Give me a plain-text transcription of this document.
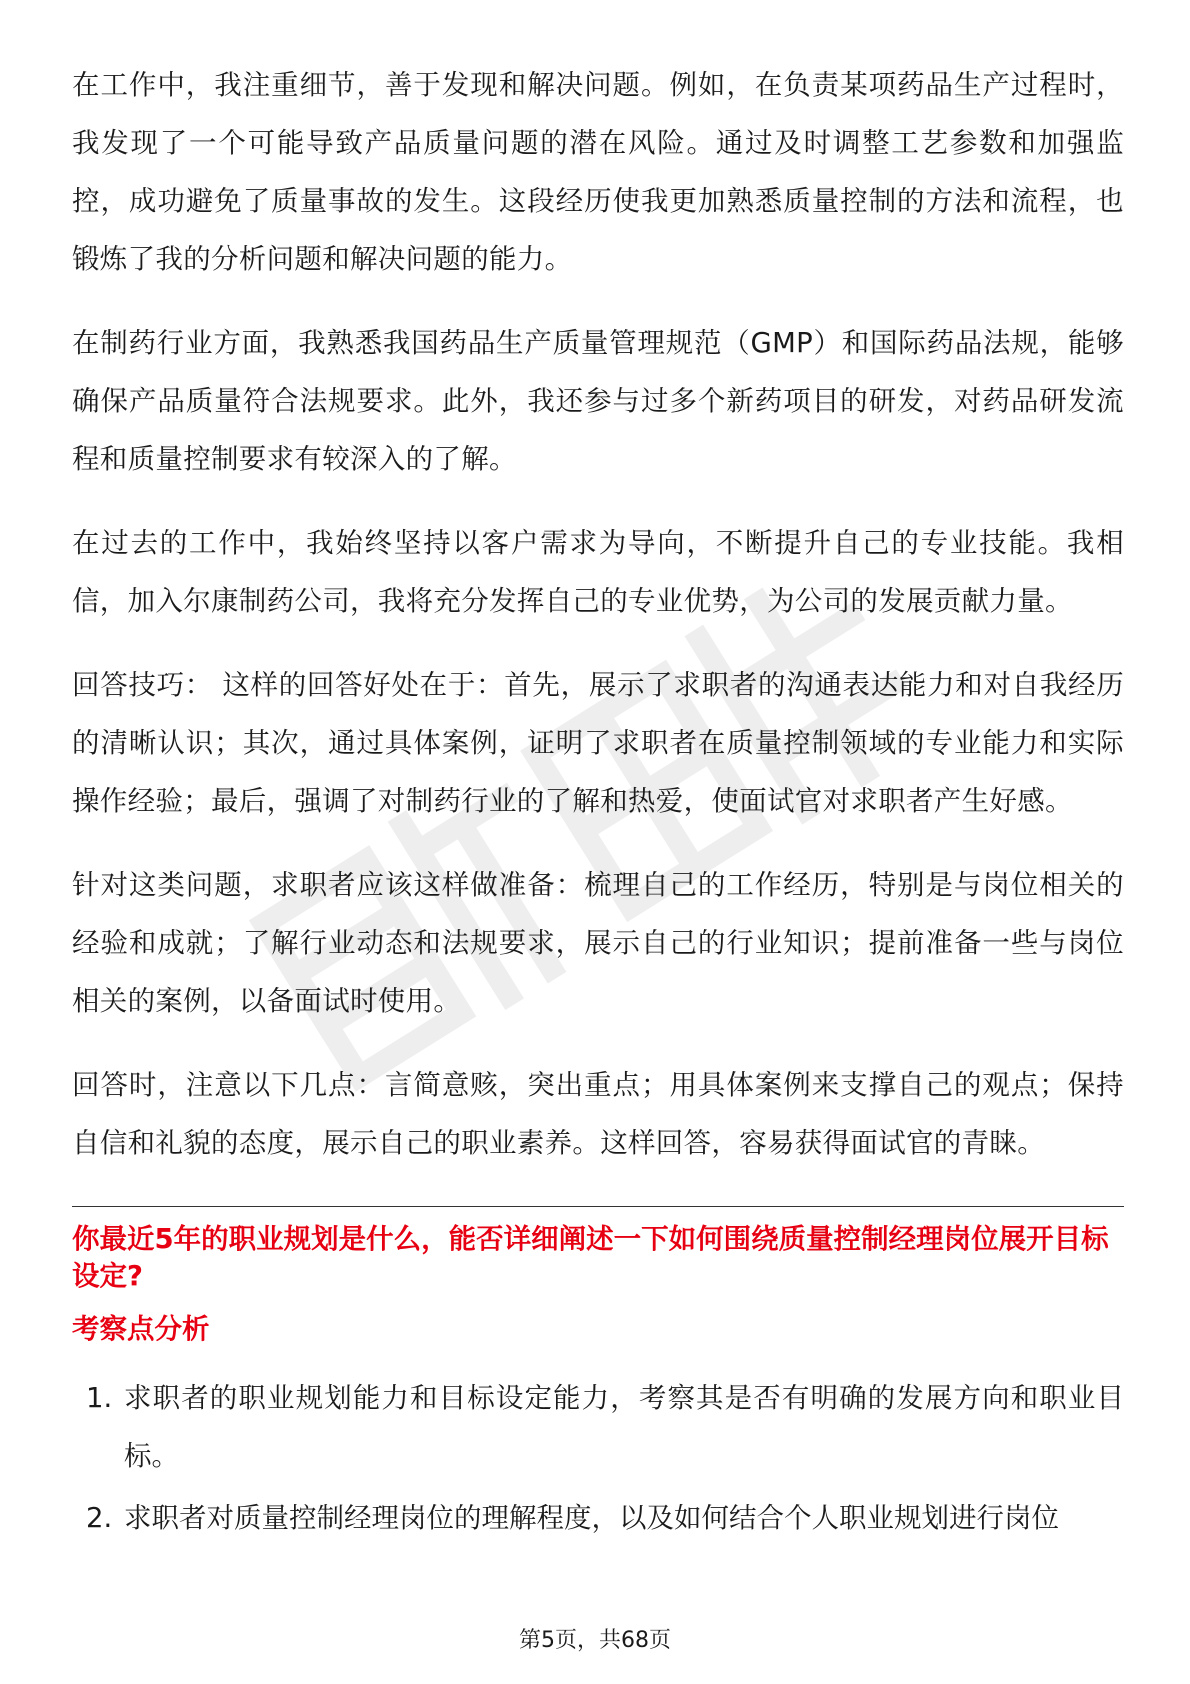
在工作中，我注重细节，善于发现和解决问题。例如，在负责某项药品生产过程时，我发现了一个可能导致产品质量问题的潜在风险。通过及时调整工艺参数和加强监控，成功避免了质量事故的发生。这段经历使我更加熟悉质量控制的方法和流程，也锻炼了我的分析问题和解决问题的能力。

在制药行业方面，我熟悉我国药品生产质量管理规范（GMP）和国际药品法规，能够确保产品质量符合法规要求。此外，我还参与过多个新药项目的研发，对药品研发流程和质量控制要求有较深入的了解。

在过去的工作中，我始终坚持以客户需求为导向，不断提升自己的专业技能。我相信，加入尔康制药公司，我将充分发挥自己的专业优势，为公司的发展贡献力量。

回答技巧： 这样的回答好处在于：首先，展示了求职者的沟通表达能力和对自我经历的清晰认识；其次，通过具体案例，证明了求职者在质量控制领域的专业能力和实际操作经验；最后，强调了对制药行业的了解和热爱，使面试官对求职者产生好感。

针对这类问题，求职者应该这样做准备：梳理自己的工作经历，特别是与岗位相关的经验和成就；了解行业动态和法规要求，展示自己的行业知识；提前准备一些与岗位相关的案例，以备面试时使用。

回答时，注意以下几点：言简意赅，突出重点；用具体案例来支撑自己的观点；保持自信和礼貌的态度，展示自己的职业素养。这样回答，容易获得面试官的青睐。

你最近5年的职业规划是什么，能否详细阐述一下如何围绕质量控制经理岗位展开目标设定?
考察点分析
1. 求职者的职业规划能力和目标设定能力，考察其是否有明确的发展方向和职业目标。
2. 求职者对质量控制经理岗位的理解程度，以及如何结合个人职业规划进行岗位
第5页，共68页
